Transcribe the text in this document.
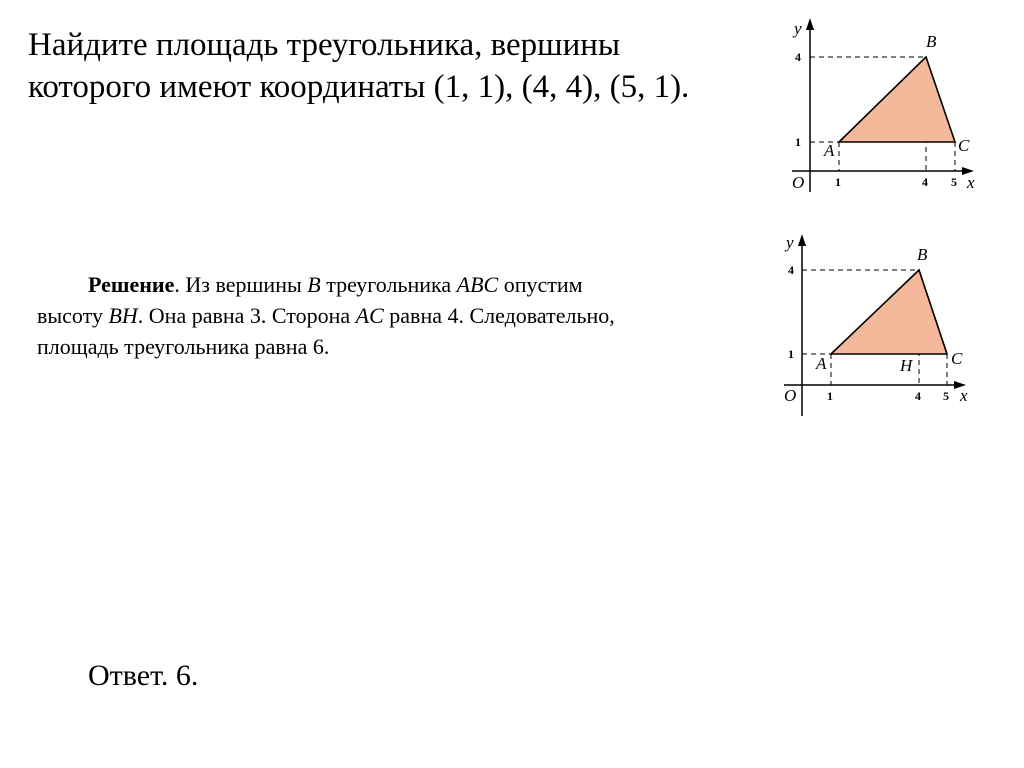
Найдите площадь треугольника, вершины
которого имеют координаты (1, 1), (4, 4), (5, 1).
4
1
1	4 5
y
x
O
A
B
C

Решение. Из вершины B треугольника ABC опустим
высоту BH. Она равна 3. Сторона AC равна 4. Следовательно,
площадь треугольника равна 6.

4
1
1	4 5
y
x
O
A
B
C
H

Ответ. 6.
